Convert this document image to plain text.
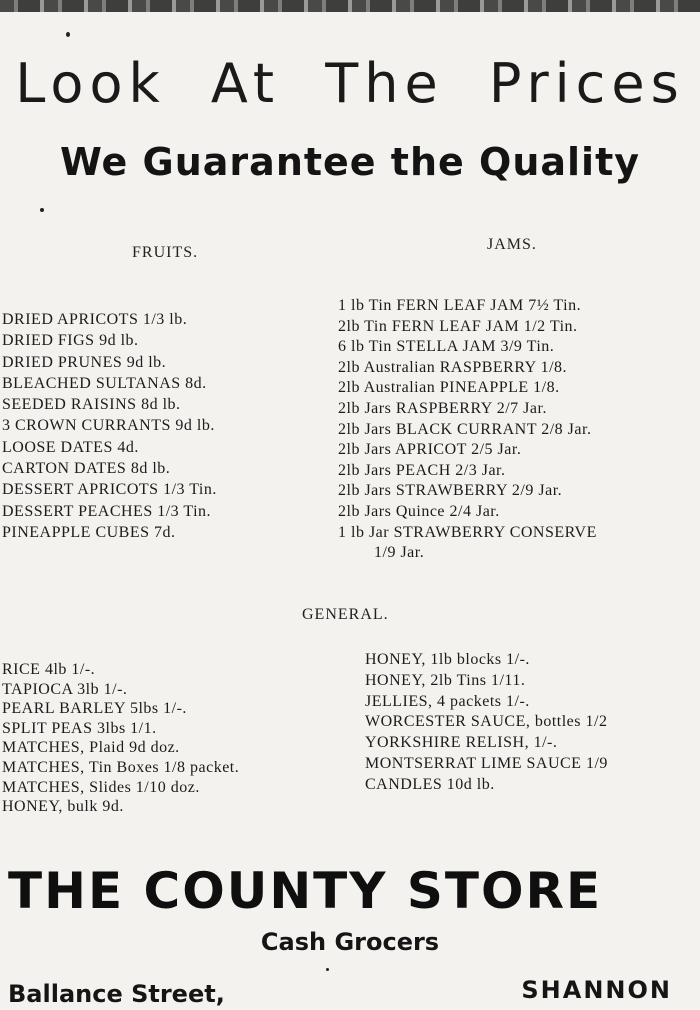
Look At The Prices
We Guarantee the Quality
FRUITS.	JAMS.
DRIED APRICOTS 1/3 lb.
DRIED FIGS 9d lb.
DRIED PRUNES 9d lb.
BLEACHED SULTANAS 8d.
SEEDED RAISINS 8d lb.
3 CROWN CURRANTS 9d lb.
LOOSE DATES 4d.
CARTON DATES 8d lb.
DESSERT APRICOTS 1/3 Tin.
DESSERT PEACHES 1/3 Tin.
PINEAPPLE CUBES 7d.
1 lb Tin FERN LEAF JAM 7½ Tin.
2lb Tin FERN LEAF JAM 1/2 Tin.
6 lb Tin STELLA JAM 3/9 Tin.
2lb Australian RASPBERRY 1/8.
2lb Australian PINEAPPLE 1/8.
2lb Jars RASPBERRY 2/7 Jar.
2lb Jars BLACK CURRANT 2/8 Jar.
2lb Jars APRICOT 2/5 Jar.
2lb Jars PEACH 2/3 Jar.
2lb Jars STRAWBERRY 2/9 Jar.
2lb Jars Quince 2/4 Jar.
1 lb Jar STRAWBERRY CONSERVE
1/9 Jar.
GENERAL.
RICE 4lb 1/-.
TAPIOCA 3lb 1/-.
PEARL BARLEY 5lbs 1/-.
SPLIT PEAS 3lbs 1/1.
MATCHES, Plaid 9d doz.
MATCHES, Tin Boxes 1/8 packet.
MATCHES, Slides 1/10 doz.
HONEY, bulk 9d.
HONEY, 1lb blocks 1/-.
HONEY, 2lb Tins 1/11.
JELLIES, 4 packets 1/-.
WORCESTER SAUCE, bottles 1/2
YORKSHIRE RELISH, 1/-.
MONTSERRAT LIME SAUCE 1/9
CANDLES 10d lb.
THE COUNTY STORE
Cash Grocers
Ballance Street,	SHANNON
